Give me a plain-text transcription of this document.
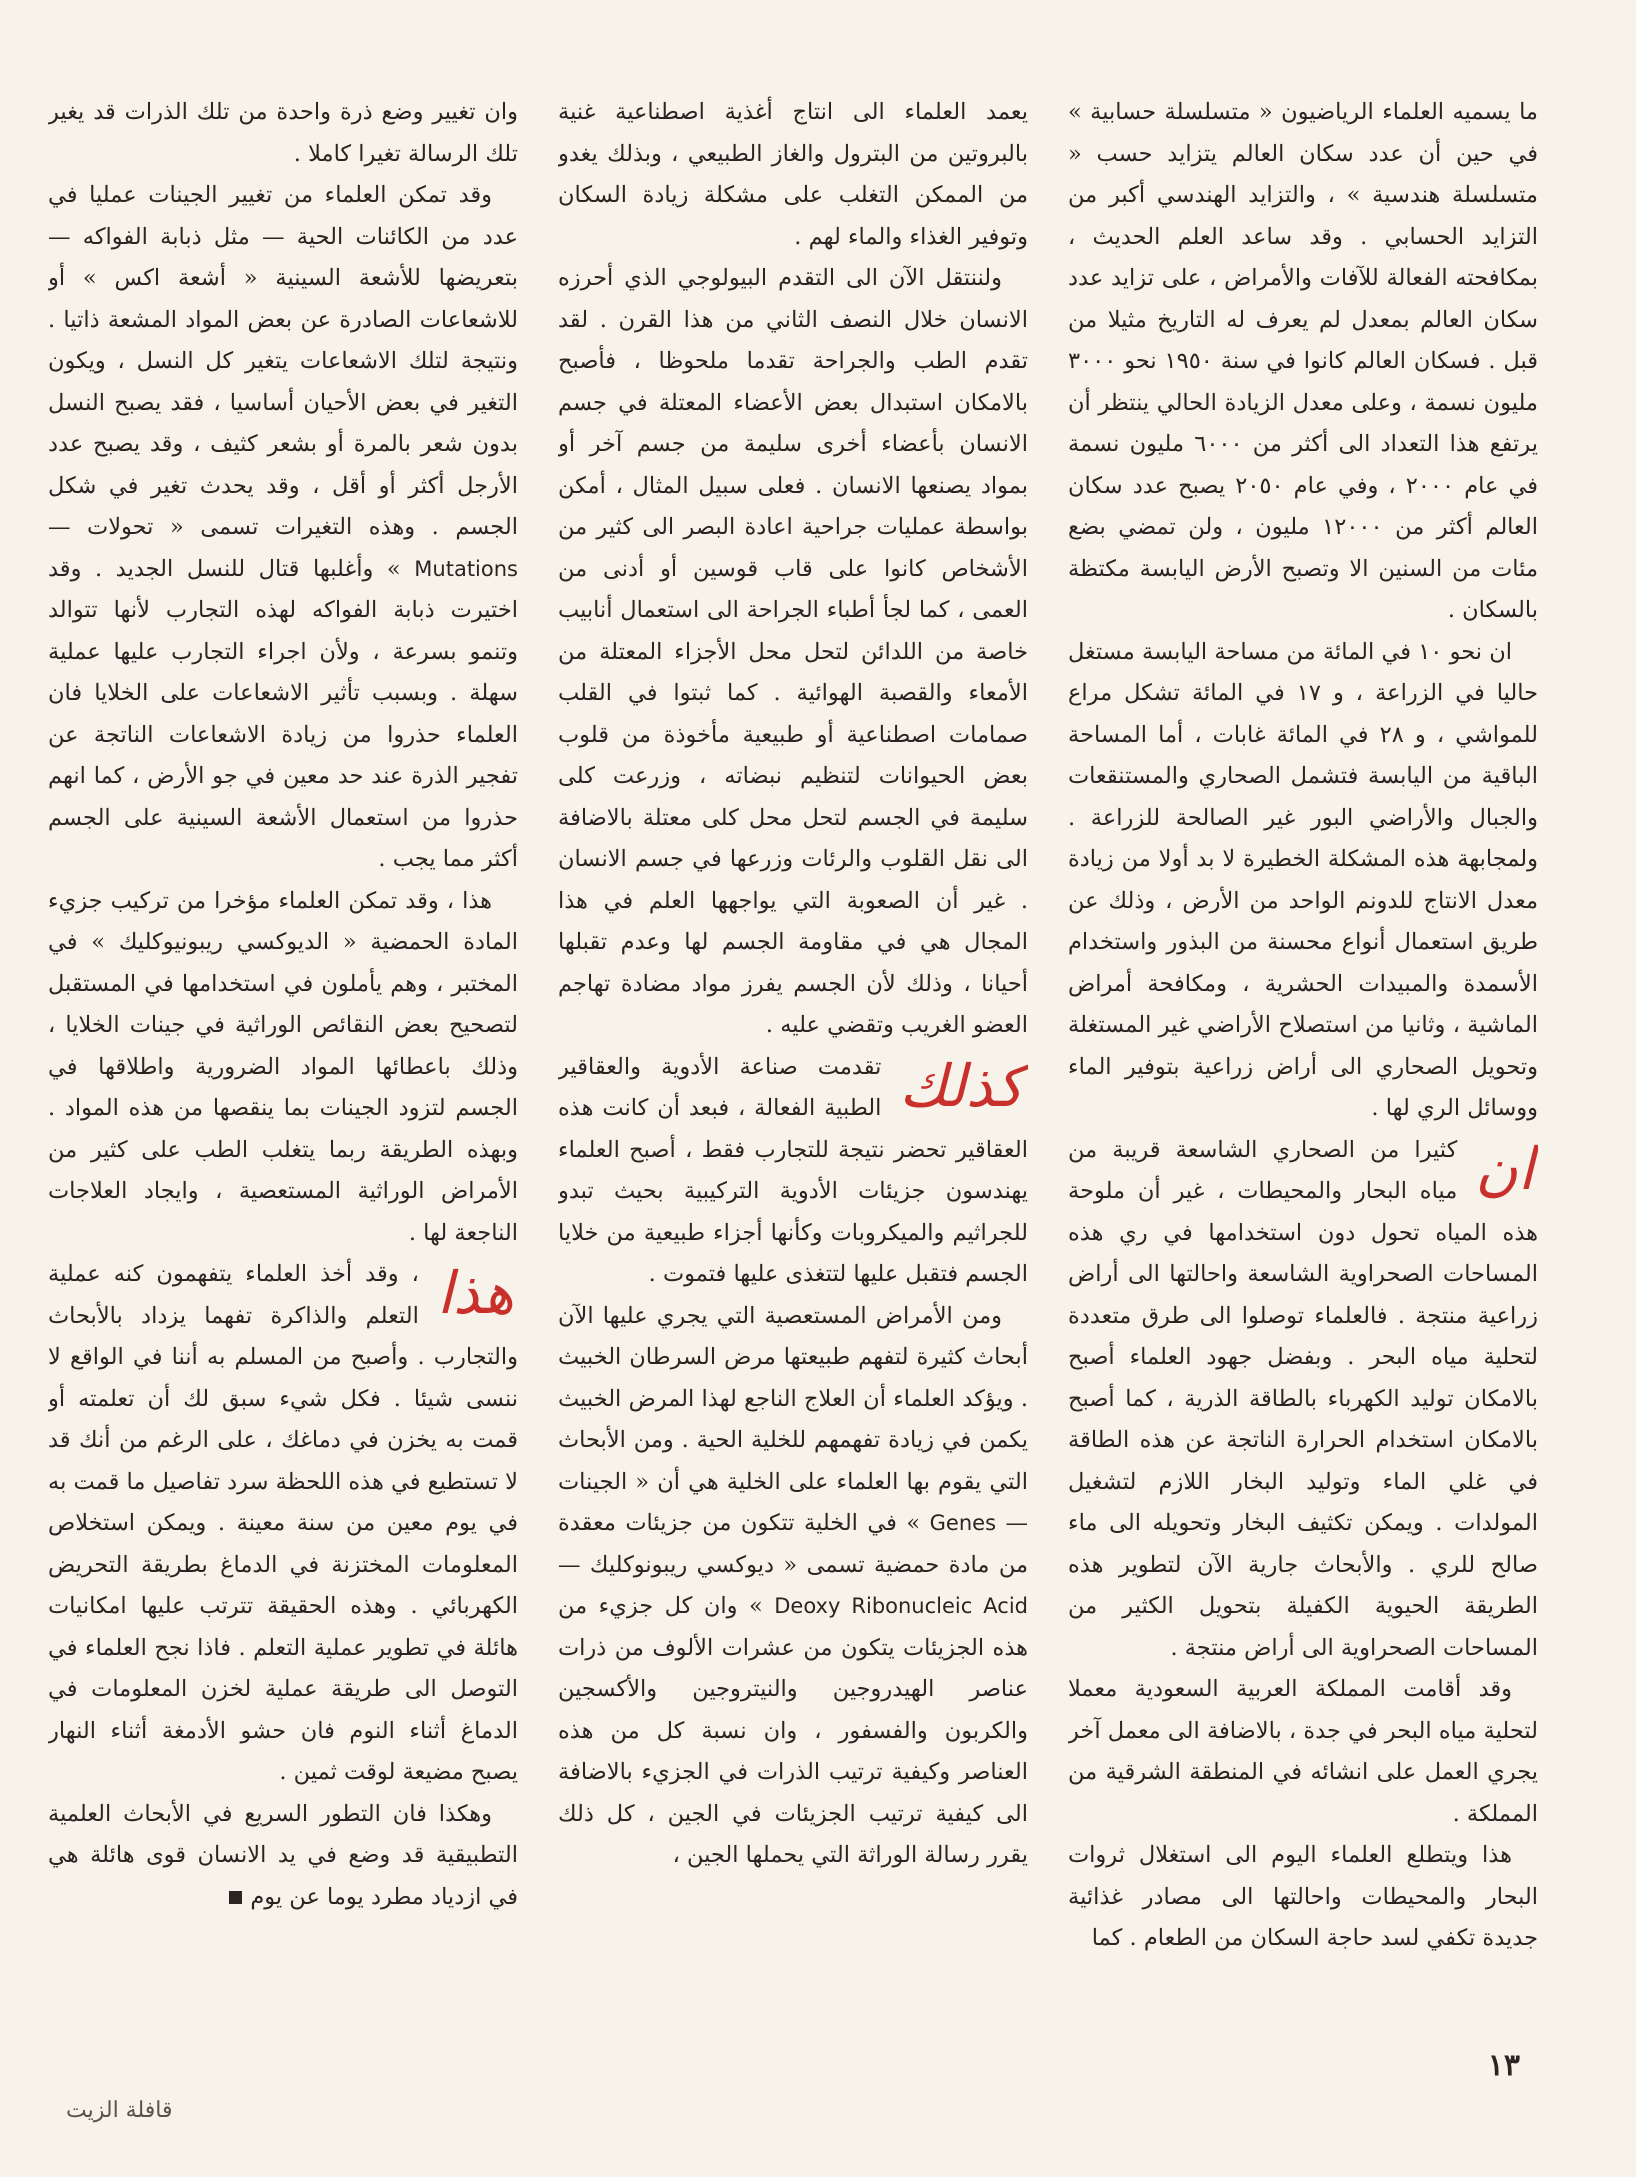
ما يسميه العلماء الرياضيون « متسلسلة حسابية » في حين أن عدد سكان العالم يتزايد حسب « متسلسلة هندسية » ، والتزايد الهندسي أكبر من التزايد الحسابي . وقد ساعد العلم الحديث ، بمكافحته الفعالة للآفات والأمراض ، على تزايد عدد سكان العالم بمعدل لم يعرف له التاريخ مثيلا من قبل . فسكان العالم كانوا في سنة ١٩٥٠ نحو ٣٠٠٠ مليون نسمة ، وعلى معدل الزيادة الحالي ينتظر أن يرتفع هذا التعداد الى أكثر من ٦٠٠٠ مليون نسمة في عام ٢٠٠٠ ، وفي عام ٢٠٥٠ يصبح عدد سكان العالم أكثر من ١٢٠٠٠ مليون ، ولن تمضي بضع مئات من السنين الا وتصبح الأرض اليابسة مكتظة بالسكان .

ان نحو ١٠ في المائة من مساحة اليابسة مستغل حاليا في الزراعة ، و ١٧ في المائة تشكل مراع للمواشي ، و ٢٨ في المائة غابات ، أما المساحة الباقية من اليابسة فتشمل الصحاري والمستنقعات والجبال والأراضي البور غير الصالحة للزراعة . ولمجابهة هذه المشكلة الخطيرة لا بد أولا من زيادة معدل الانتاج للدونم الواحد من الأرض ، وذلك عن طريق استعمال أنواع محسنة من البذور واستخدام الأسمدة والمبيدات الحشرية ، ومكافحة أمراض الماشية ، وثانيا من استصلاح الأراضي غير المستغلة وتحويل الصحاري الى أراض زراعية بتوفير الماء ووسائل الري لها .

ان
كثيرا من الصحاري الشاسعة قريبة من مياه البحار والمحيطات ، غير أن ملوحة هذه المياه تحول دون استخدامها في ري هذه المساحات الصحراوية الشاسعة واحالتها الى أراض زراعية منتجة . فالعلماء توصلوا الى طرق متعددة لتحلية مياه البحر . وبفضل جهود العلماء أصبح بالامكان توليد الكهرباء بالطاقة الذرية ، كما أصبح بالامكان استخدام الحرارة الناتجة عن هذه الطاقة في غلي الماء وتوليد البخار اللازم لتشغيل المولدات . ويمكن تكثيف البخار وتحويله الى ماء صالح للري . والأبحاث جارية الآن لتطوير هذه الطريقة الحيوية الكفيلة بتحويل الكثير من المساحات الصحراوية الى أراض منتجة .

وقد أقامت المملكة العربية السعودية معملا لتحلية مياه البحر في جدة ، بالاضافة الى معمل آخر يجري العمل على انشائه في المنطقة الشرقية من المملكة .

هذا ويتطلع العلماء اليوم الى استغلال ثروات البحار والمحيطات واحالتها الى مصادر غذائية جديدة تكفي لسد حاجة السكان من الطعام . كما

يعمد العلماء الى انتاج أغذية اصطناعية غنية بالبروتين من البترول والغاز الطبيعي ، وبذلك يغدو من الممكن التغلب على مشكلة زيادة السكان وتوفير الغذاء والماء لهم .

ولننتقل الآن الى التقدم البيولوجي الذي أحرزه الانسان خلال النصف الثاني من هذا القرن . لقد تقدم الطب والجراحة تقدما ملحوظا ، فأصبح بالامكان استبدال بعض الأعضاء المعتلة في جسم الانسان بأعضاء أخرى سليمة من جسم آخر أو بمواد يصنعها الانسان . فعلى سبيل المثال ، أمكن بواسطة عمليات جراحية اعادة البصر الى كثير من الأشخاص كانوا على قاب قوسين أو أدنى من العمى ، كما لجأ أطباء الجراحة الى استعمال أنابيب خاصة من اللدائن لتحل محل الأجزاء المعتلة من الأمعاء والقصبة الهوائية . كما ثبتوا في القلب صمامات اصطناعية أو طبيعية مأخوذة من قلوب بعض الحيوانات لتنظيم نبضاته ، وزرعت كلى سليمة في الجسم لتحل محل كلى معتلة بالاضافة الى نقل القلوب والرئات وزرعها في جسم الانسان . غير أن الصعوبة التي يواجهها العلم في هذا المجال هي في مقاومة الجسم لها وعدم تقبلها أحيانا ، وذلك لأن الجسم يفرز مواد مضادة تهاجم العضو الغريب وتقضي عليه .

كذلك
تقدمت صناعة الأدوية والعقاقير الطبية الفعالة ، فبعد أن كانت هذه العقاقير تحضر نتيجة للتجارب فقط ، أصبح العلماء يهندسون جزيئات الأدوية التركيبية بحيث تبدو للجراثيم والميكروبات وكأنها أجزاء طبيعية من خلايا الجسم فتقبل عليها لتتغذى عليها فتموت .

ومن الأمراض المستعصية التي يجري عليها الآن أبحاث كثيرة لتفهم طبيعتها مرض السرطان الخبيث . ويؤكد العلماء أن العلاج الناجع لهذا المرض الخبيث يكمن في زيادة تفهمهم للخلية الحية . ومن الأبحاث التي يقوم بها العلماء على الخلية هي أن « الجينات — Genes » في الخلية تتكون من جزيئات معقدة من مادة حمضية تسمى « ديوكسي ريبونوكليك — Deoxy Ribonucleic Acid » وان كل جزيء من هذه الجزيئات يتكون من عشرات الألوف من ذرات عناصر الهيدروجين والنيتروجين والأكسجين والكربون والفسفور ، وان نسبة كل من هذه العناصر وكيفية ترتيب الذرات في الجزيء بالاضافة الى كيفية ترتيب الجزيئات في الجين ، كل ذلك يقرر رسالة الوراثة التي يحملها الجين ،

وان تغيير وضع ذرة واحدة من تلك الذرات قد يغير تلك الرسالة تغيرا كاملا .

وقد تمكن العلماء من تغيير الجينات عمليا في عدد من الكائنات الحية — مثل ذبابة الفواكه — بتعريضها للأشعة السينية « أشعة اكس » أو للاشعاعات الصادرة عن بعض المواد المشعة ذاتيا . ونتيجة لتلك الاشعاعات يتغير كل النسل ، ويكون التغير في بعض الأحيان أساسيا ، فقد يصبح النسل بدون شعر بالمرة أو بشعر كثيف ، وقد يصبح عدد الأرجل أكثر أو أقل ، وقد يحدث تغير في شكل الجسم . وهذه التغيرات تسمى « تحولات — Mutations » وأغلبها قتال للنسل الجديد . وقد اختيرت ذبابة الفواكه لهذه التجارب لأنها تتوالد وتنمو بسرعة ، ولأن اجراء التجارب عليها عملية سهلة . وبسبب تأثير الاشعاعات على الخلايا فان العلماء حذروا من زيادة الاشعاعات الناتجة عن تفجير الذرة عند حد معين في جو الأرض ، كما انهم حذروا من استعمال الأشعة السينية على الجسم أكثر مما يجب .

هذا ، وقد تمكن العلماء مؤخرا من تركيب جزيء المادة الحمضية « الديوكسي ريبونيوكليك » في المختبر ، وهم يأملون في استخدامها في المستقبل لتصحيح بعض النقائص الوراثية في جينات الخلايا ، وذلك باعطائها المواد الضرورية واطلاقها في الجسم لتزود الجينات بما ينقصها من هذه المواد . وبهذه الطريقة ربما يتغلب الطب على كثير من الأمراض الوراثية المستعصية ، وايجاد العلاجات الناجعة لها .

هذا
، وقد أخذ العلماء يتفهمون كنه عملية التعلم والذاكرة تفهما يزداد بالأبحاث والتجارب . وأصبح من المسلم به أننا في الواقع لا ننسى شيئا . فكل شيء سبق لك أن تعلمته أو قمت به يخزن في دماغك ، على الرغم من أنك قد لا تستطيع في هذه اللحظة سرد تفاصيل ما قمت به في يوم معين من سنة معينة . ويمكن استخلاص المعلومات المختزنة في الدماغ بطريقة التحريض الكهربائي . وهذه الحقيقة تترتب عليها امكانيات هائلة في تطوير عملية التعلم . فاذا نجح العلماء في التوصل الى طريقة عملية لخزن المعلومات في الدماغ أثناء النوم فان حشو الأدمغة أثناء النهار يصبح مضيعة لوقت ثمين .

وهكذا فان التطور السريع في الأبحاث العلمية التطبيقية قد وضع في يد الانسان قوى هائلة هي في ازدياد مطرد يوما عن يوم

١٣
قافلة الزيت
